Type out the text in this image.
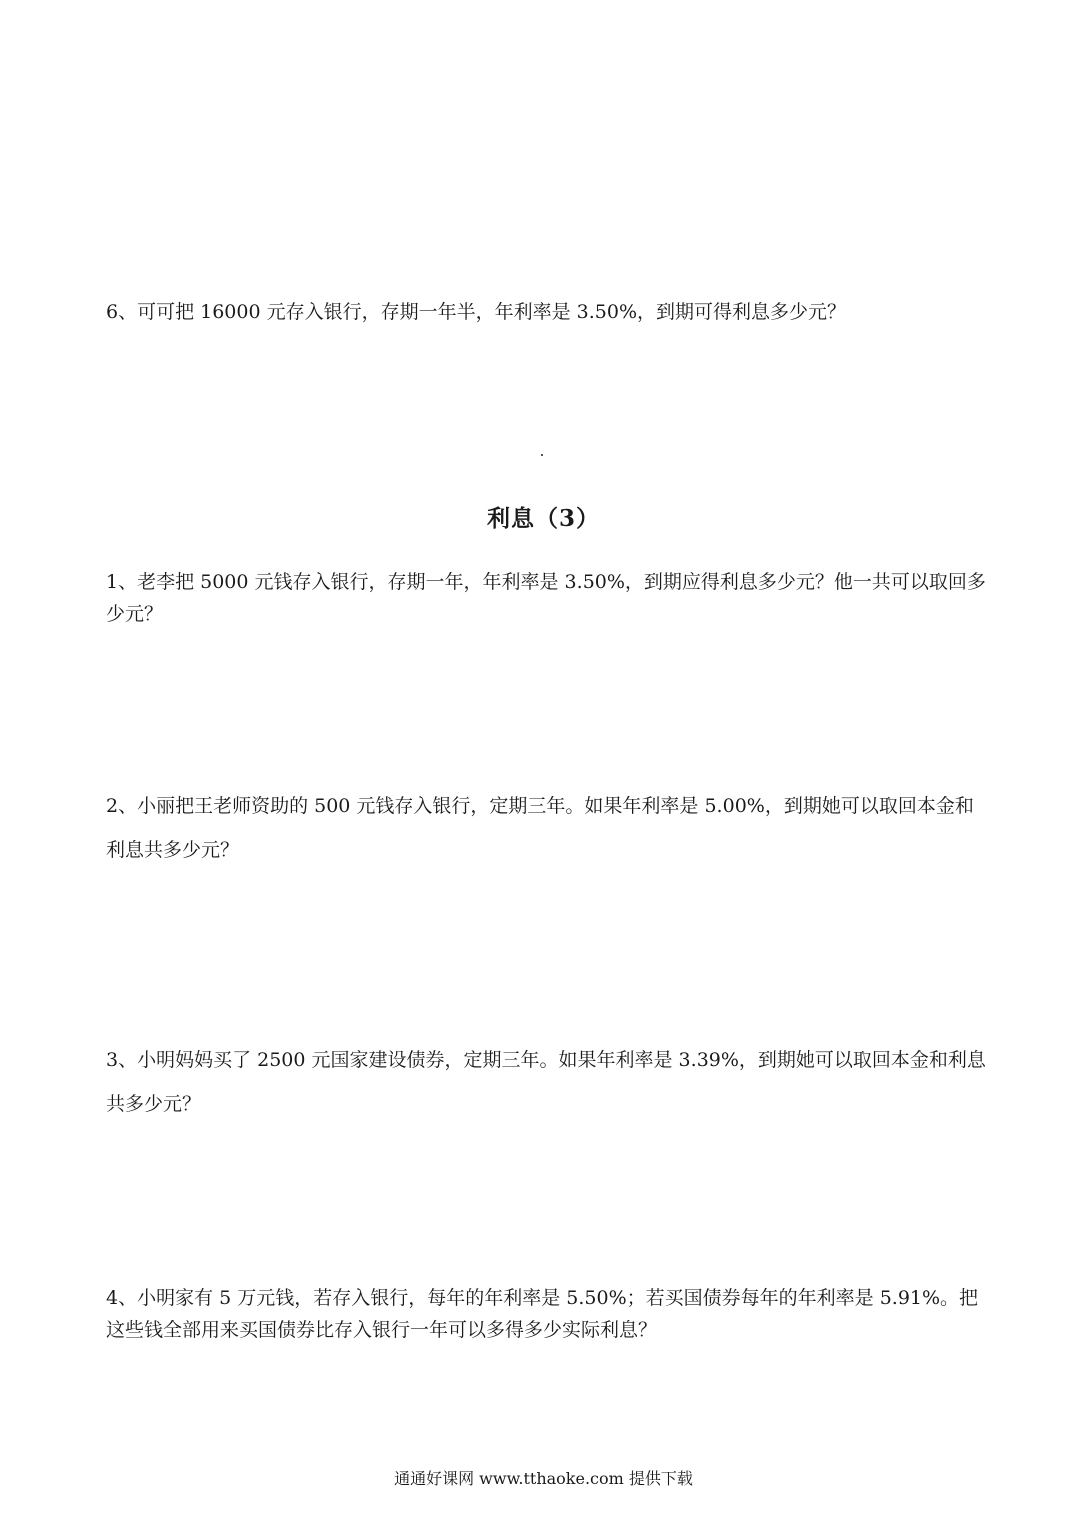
6、可可把 16000 元存入银行，存期一年半，年利率是 3.50%，到期可得利息多少元？

利息（3）

1、老李把 5000 元钱存入银行，存期一年，年利率是 3.50%，到期应得利息多少元？他一共可以取回多少元？

2、小丽把王老师资助的 500 元钱存入银行，定期三年。如果年利率是 5.00%，到期她可以取回本金和利息共多少元？

3、小明妈妈买了 2500 元国家建设债券，定期三年。如果年利率是 3.39%，到期她可以取回本金和利息共多少元？

4、小明家有 5 万元钱，若存入银行，每年的年利率是 5.50%；若买国债券每年的年利率是 5.91%。把这些钱全部用来买国债券比存入银行一年可以多得多少实际利息？

通通好课网 www.tthaoke.com 提供下载
